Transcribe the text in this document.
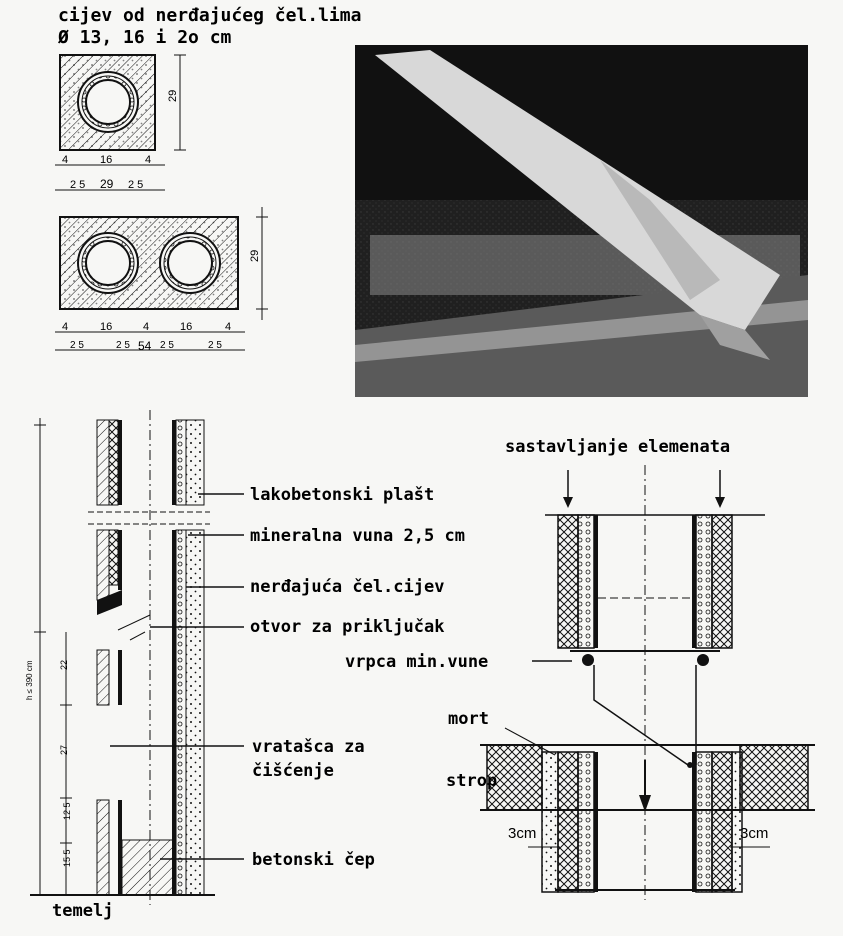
cijev od nerđajućeg čel.lima
Ø 13, 16 i 2o cm
29
4	16	4
2 5 29 2 5
29
4	16	4	16	4
2 5	2 5 54 2 5	2 5
h ≤ 390 cm	22
27
12 5
15 5
temelj
lakobetonski plašt
mineralna vuna 2,5 cm
nerđajuća čel.cijev
otvor za priključak
vratašca za
čišćenje
betonski čep
sastavljanje elemenata
vrpca min.vune
mort
strop
3cm	3cm
